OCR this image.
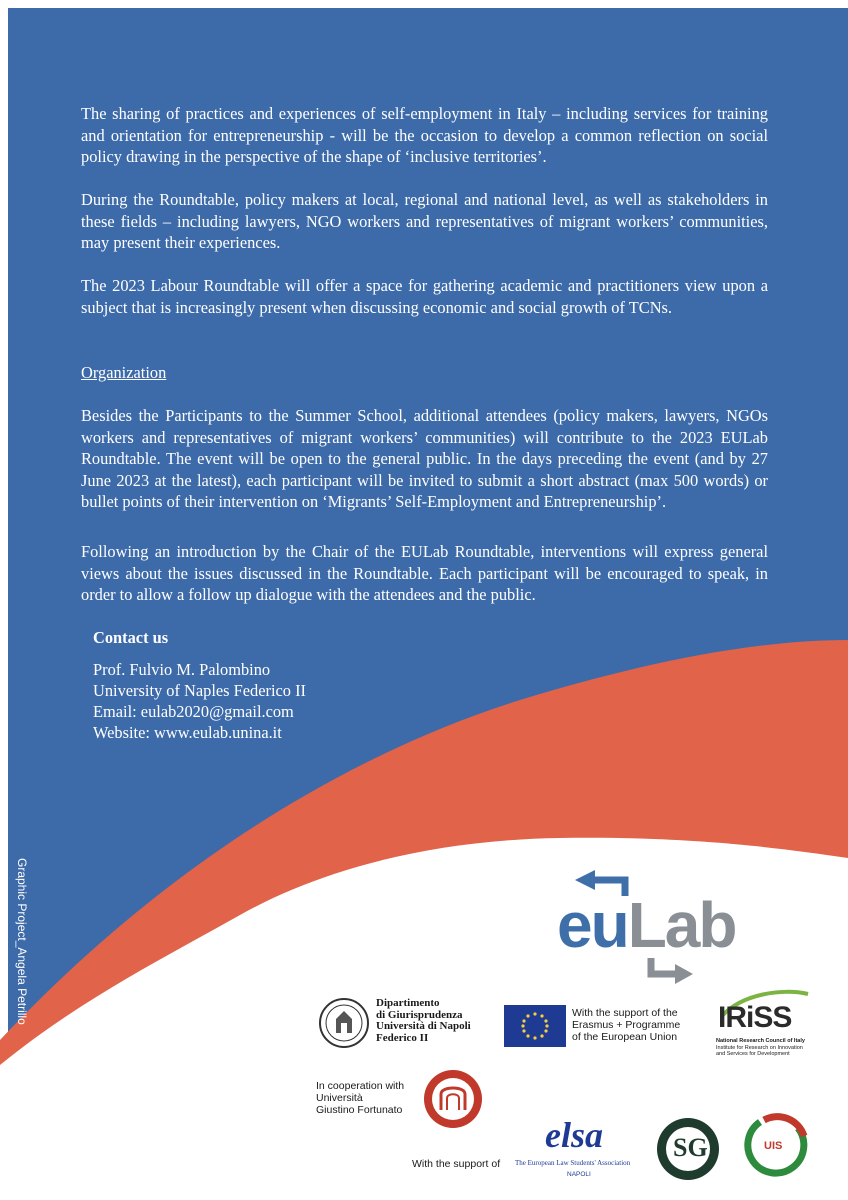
The sharing of practices and experiences of self-employment in Italy – including services for training and orientation for entrepreneurship - will be the occasion to develop a common reflection on social policy drawing in the perspective of the shape of ‘inclusive territories’.

During the Roundtable, policy makers at local, regional and national level, as well as stakeholders in these fields – including lawyers, NGO workers and representatives of migrant workers’ communities, may present their experiences.

The 2023 Labour Roundtable will offer a space for gathering academic and practitioners view upon a subject that is increasingly present when discussing economic and social growth of TCNs.

Organization

Besides the Participants to the Summer School, additional attendees (policy makers, lawyers, NGOs workers and representatives of migrant workers’ communities) will contribute to the 2023 EULab Roundtable. The event will be open to the general public. In the days preceding the event (and by 27 June 2023 at the latest), each participant will be invited to submit a short abstract (max 500 words) or bullet points of their intervention on ‘Migrants’ Self-Employment and Entrepreneurship’.

Following an introduction by the Chair of the EULab Roundtable, interventions will express general views about the issues discussed in the Roundtable. Each participant will be encouraged to speak, in order to allow a follow up dialogue with the attendees and the public.

Contact us

Prof. Fulvio M. Palombino

University of Naples Federico II

Email: eulab2020@gmail.com

Website: www.eulab.unina.it

Graphic Project_Angela Petrillo	euLab
Dipartimento
di Giurisprudenza
Università di Napoli
Federico II
With the support of the
Erasmus + Programme
of the European Union
IRiSS
National Research Council of Italy
Institute for Research on Innovation
and Services for Development
In cooperation with
Università
Giustino Fortunato
With the support of
elsa
The European Law Students' Association
NAPOLI
SG	UIS
